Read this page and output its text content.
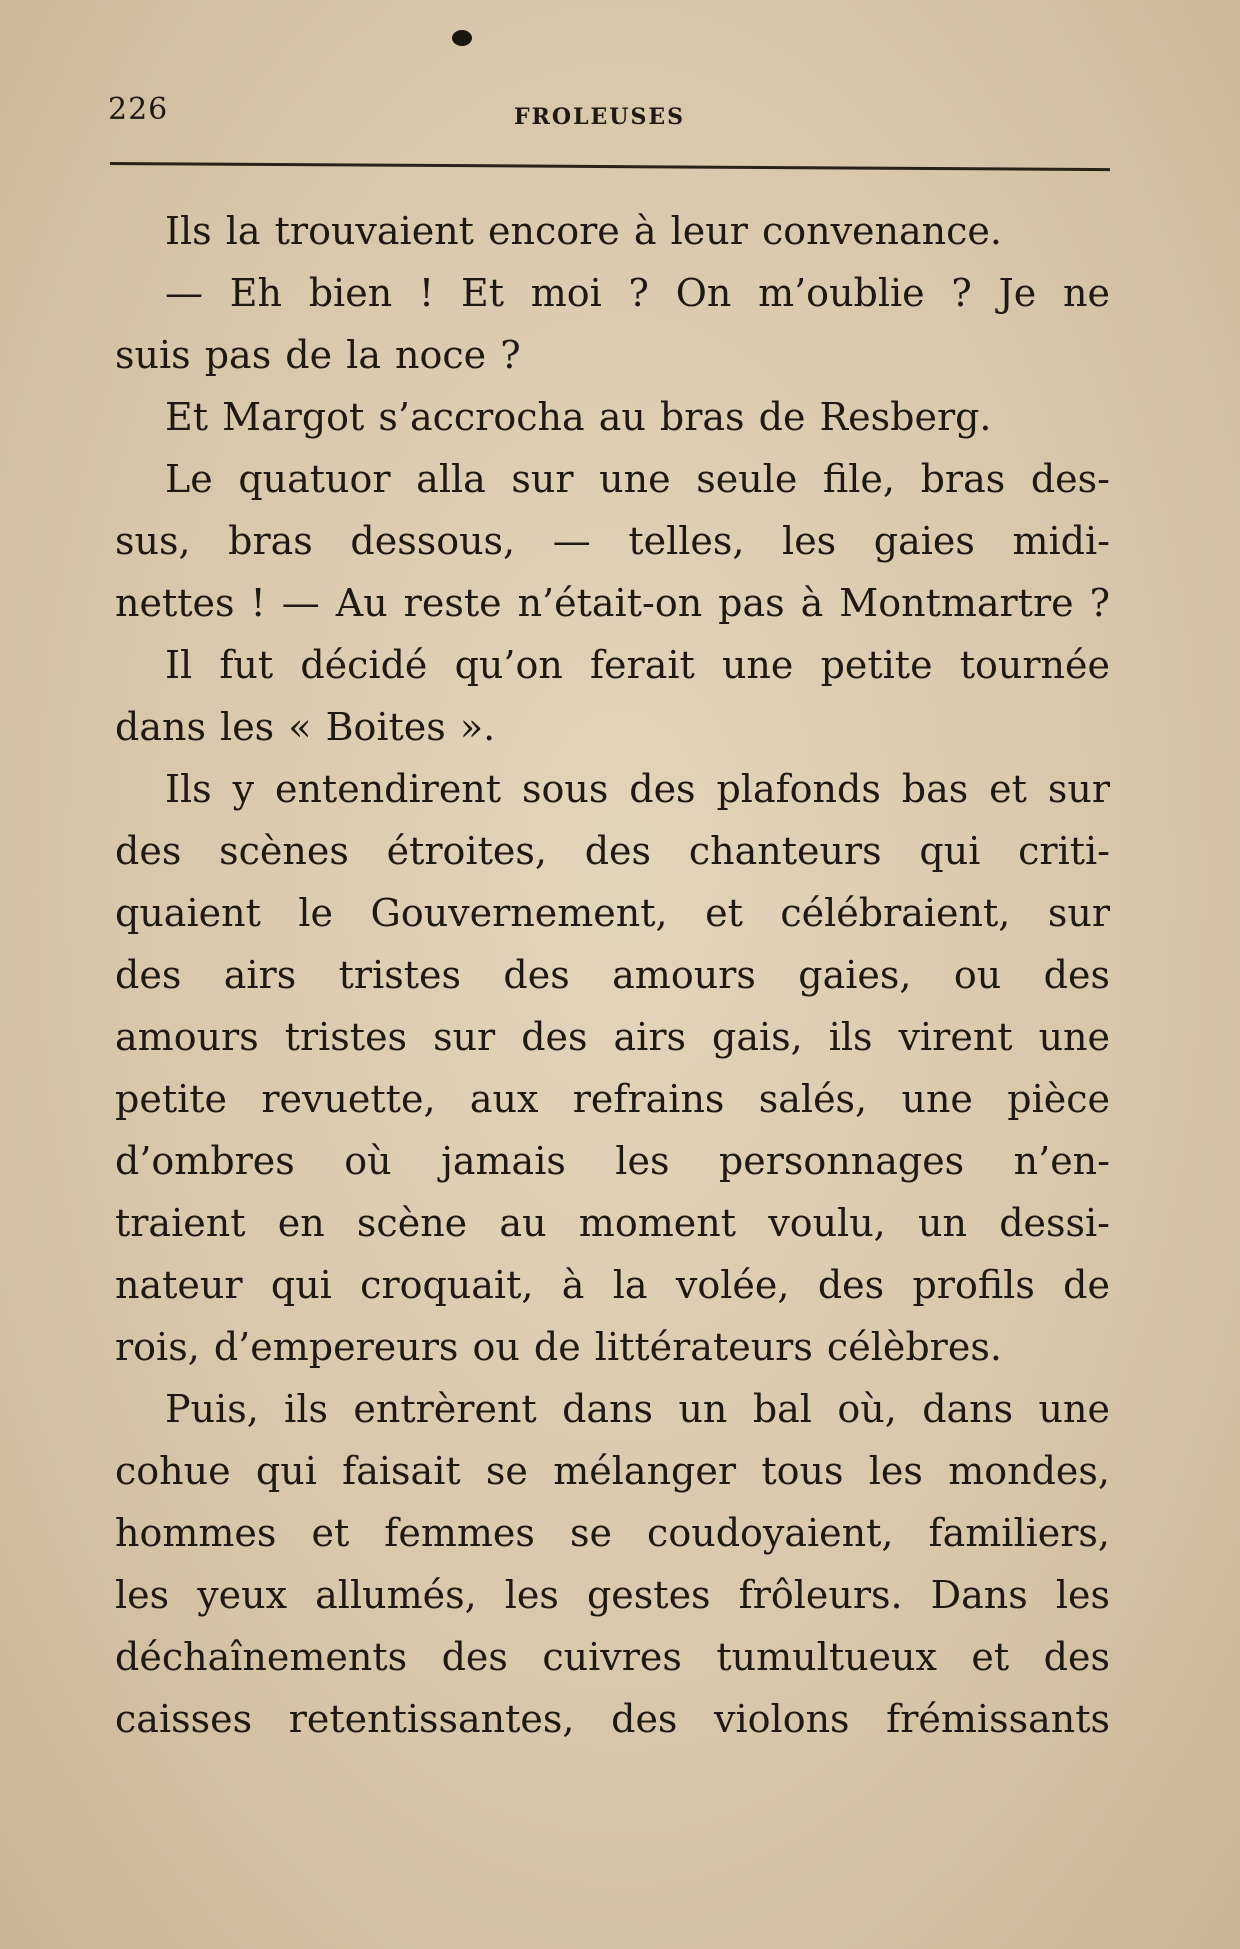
226	FROLEUSES
Ils la trouvaient encore à leur convenance.
— Eh bien ! Et moi ? On m’oublie ? Je ne
suis pas de la noce ?
Et Margot s’accrocha au bras de Resberg.
Le quatuor alla sur une seule file, bras des-
sus, bras dessous, — telles, les gaies midi-
nettes ! — Au reste n’était-on pas à Montmartre ?
Il fut décidé qu’on ferait une petite tournée
dans les « Boites ».
Ils y entendirent sous des plafonds bas et sur
des scènes étroites, des chanteurs qui criti-
quaient le Gouvernement, et célébraient, sur
des airs tristes des amours gaies, ou des
amours tristes sur des airs gais, ils virent une
petite revuette, aux refrains salés, une pièce
d’ombres où jamais les personnages n’en-
traient en scène au moment voulu, un dessi-
nateur qui croquait, à la volée, des profils de
rois, d’empereurs ou de littérateurs célèbres.
Puis, ils entrèrent dans un bal où, dans une
cohue qui faisait se mélanger tous les mondes,
hommes et femmes se coudoyaient, familiers,
les yeux allumés, les gestes frôleurs. Dans les
déchaînements des cuivres tumultueux et des
caisses retentissantes, des violons frémissants
